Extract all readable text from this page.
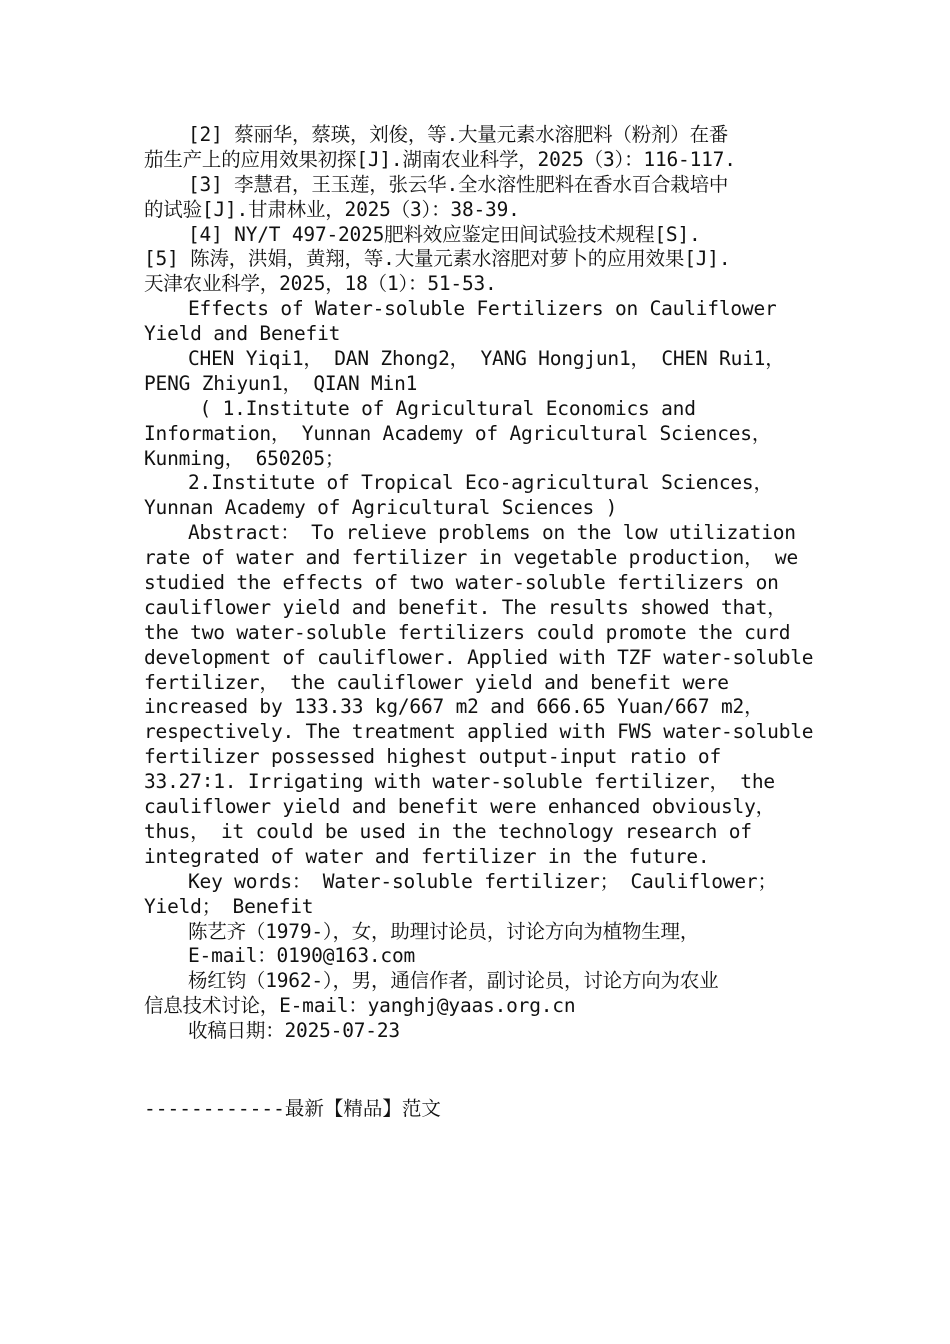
[2] 蔡丽华，蔡瑛，刘俊，等.大量元素水溶肥料（粉剂）在番
茄生产上的应用效果初探[J].湖南农业科学，2025（3）：116-117.
[3] 李慧君，王玉莲，张云华.全水溶性肥料在香水百合栽培中
的试验[J].甘肃林业，2025（3）：38-39.
[4] NY/T 497-2025肥料效应鉴定田间试验技术规程[S].
[5] 陈涛，洪娟，黄翔，等.大量元素水溶肥对萝卜的应用效果[J].
天津农业科学，2025，18（1）：51-53.
Effects of Water-soluble Fertilizers on Cauliflower
Yield and Benefit
CHEN Yiqi1， DAN Zhong2， YANG Hongjun1， CHEN Rui1，
PENG Zhiyun1， QIAN Min1
( 1.Institute of Agricultural Economics and
Information， Yunnan Academy of Agricultural Sciences，
Kunming， 650205；
2.Institute of Tropical Eco-agricultural Sciences，
Yunnan Academy of Agricultural Sciences )
Abstract： To relieve problems on the low utilization
rate of water and fertilizer in vegetable production， we
studied the effects of two water-soluble fertilizers on
cauliflower yield and benefit. The results showed that，
the two water-soluble fertilizers could promote the curd
development of cauliflower. Applied with TZF water-soluble
fertilizer， the cauliflower yield and benefit were
increased by 133.33 kg/667 m2 and 666.65 Yuan/667 m2，
respectively. The treatment applied with FWS water-soluble
fertilizer possessed highest output-input ratio of
33.27∶1. Irrigating with water-soluble fertilizer， the
cauliflower yield and benefit were enhanced obviously，
thus， it could be used in the technology research of
integrated of water and fertilizer in the future.
Key words： Water-soluble fertilizer； Cauliflower；
Yield； Benefit
陈艺齐（1979-），女，助理讨论员，讨论方向为植物生理，
E-mail：0190@163.com
杨红钧（1962-），男，通信作者，副讨论员，讨论方向为农业
信息技术讨论，E-mail：yanghj@yaas.org.cn
收稿日期：2025-07-23
------------最新【精品】范文
